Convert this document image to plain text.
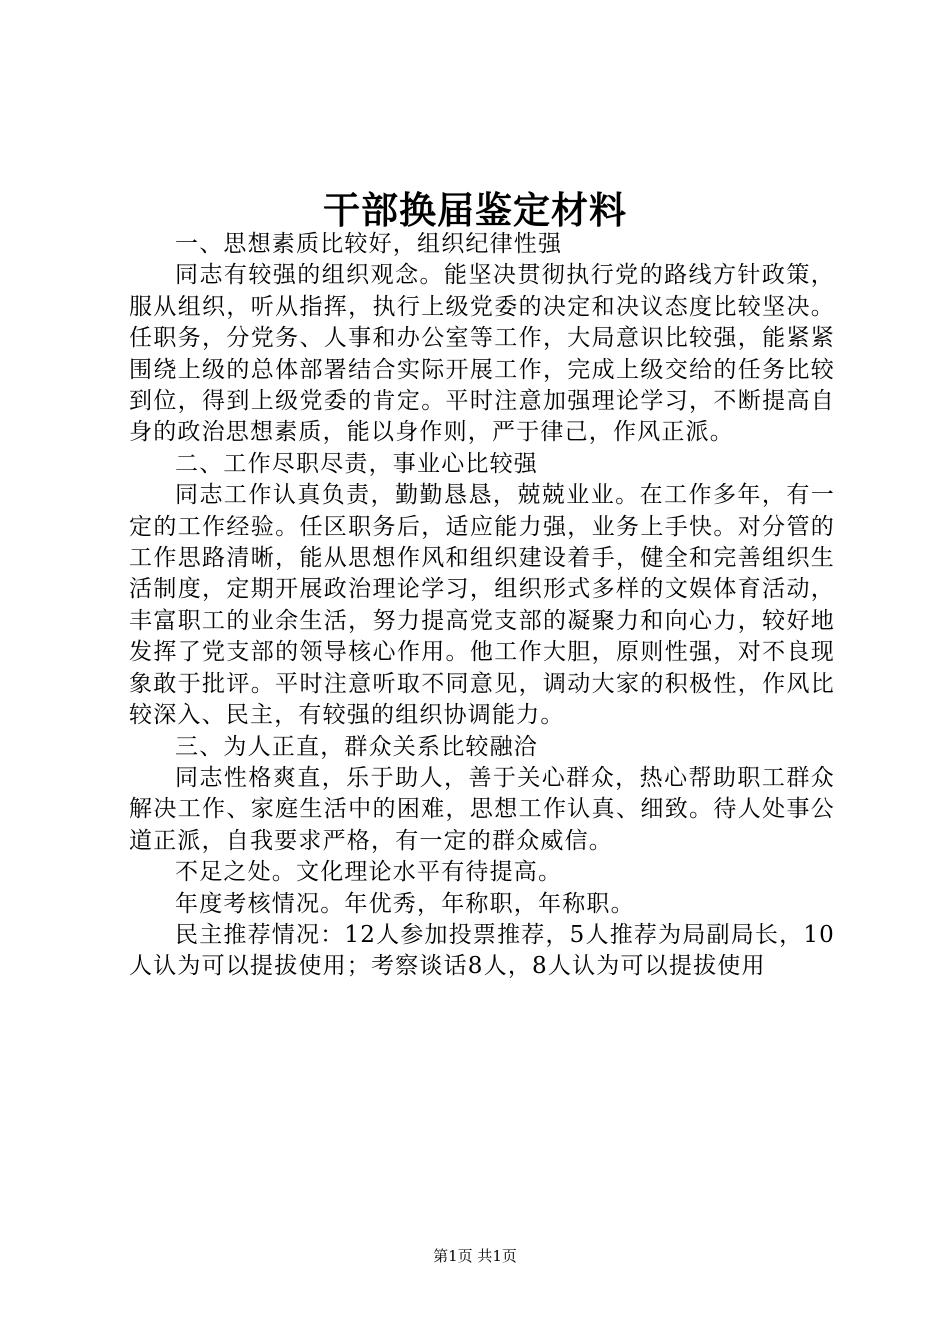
干部换届鉴定材料

一、思想素质比较好，组织纪律性强

同志有较强的组织观念。能坚决贯彻执行党的路线方针政策，服从组织，听从指挥，执行上级党委的决定和决议态度比较坚决。任职务，分党务、人事和办公室等工作，大局意识比较强，能紧紧围绕上级的总体部署结合实际开展工作，完成上级交给的任务比较到位，得到上级党委的肯定。平时注意加强理论学习，不断提高自身的政治思想素质，能以身作则，严于律己，作风正派。

二、工作尽职尽责，事业心比较强

同志工作认真负责，勤勤恳恳，兢兢业业。在工作多年，有一定的工作经验。任区职务后，适应能力强，业务上手快。对分管的工作思路清晰，能从思想作风和组织建设着手，健全和完善组织生活制度，定期开展政治理论学习，组织形式多样的文娱体育活动，丰富职工的业余生活，努力提高党支部的凝聚力和向心力，较好地发挥了党支部的领导核心作用。他工作大胆，原则性强，对不良现象敢于批评。平时注意听取不同意见，调动大家的积极性，作风比较深入、民主，有较强的组织协调能力。

三、为人正直，群众关系比较融洽

同志性格爽直，乐于助人，善于关心群众，热心帮助职工群众解决工作、家庭生活中的困难，思想工作认真、细致。待人处事公道正派，自我要求严格，有一定的群众威信。

不足之处。文化理论水平有待提高。

年度考核情况。年优秀，年称职，年称职。

民主推荐情况：12人参加投票推荐，5人推荐为局副局长，10人认为可以提拔使用；考察谈话8人，8人认为可以提拔使用

第1页 共1页
